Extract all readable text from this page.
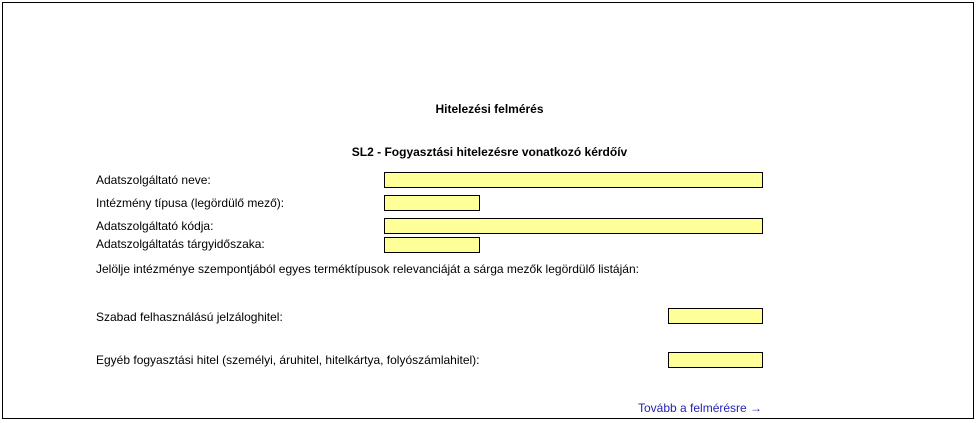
Hitelezési felmérés
SL2 - Fogyasztási hitelezésre vonatkozó kérdőív
Adatszolgáltató neve:
Intézmény típusa (legördülő mező):
Adatszolgáltató kódja:
Adatszolgáltatás tárgyidőszaka:
Jelölje intézménye szempontjából egyes terméktípusok relevanciáját a sárga mezők legördülő listáján:
Szabad felhasználású jelzáloghitel:
Egyéb fogyasztási hitel (személyi, áruhitel, hitelkártya, folyószámlahitel):
Tovább a felmérésre →
